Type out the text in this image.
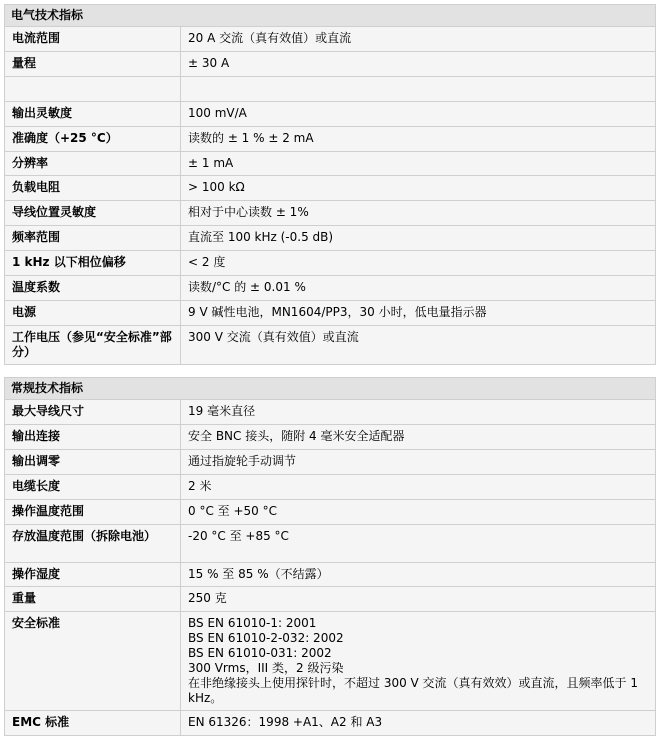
电气技术指标	
电流范围	20 A 交流（真有效值）或直流

量程	± 30 A

输出灵敏度	100 mV/A

准确度（+25 °C）	读数的 ± 1 % ± 2 mA

分辨率	± 1 mA

负载电阻	> 100 kΩ

导线位置灵敏度	相对于中心读数 ± 1%

频率范围	直流至 100 kHz (-0.5 dB)

1 kHz 以下相位偏移	< 2 度

温度系数	读数/°C 的 ± 0.01 %

电源	9 V 碱性电池，MN1604/PP3，30 小时，低电量指示器

工作电压（参见“安全标准”部分）	300 V 交流（真有效值）或直流
常规技术指标	
最大导线尺寸	19 毫米直径

输出连接	安全 BNC 接头，随附 4 毫米安全适配器

输出调零	通过指旋轮手动调节

电缆长度	2 米

操作温度范围	0 °C 至 +50 °C

存放温度范围（拆除电池）	-20 °C 至 +85 °C

操作湿度	15 % 至 85 %（不结露）

重量	250 克

安全标准	BS EN 61010-1: 2001
BS EN 61010-2-032: 2002
BS EN 61010-031: 2002
300 Vrms，III 类，2 级污染
在非绝缘接头上使用探针时，不超过 300 V 交流（真有效效）或直流，且频率低于 1 kHz。

EMC 标准	EN 61326：1998 +A1、A2 和 A3
